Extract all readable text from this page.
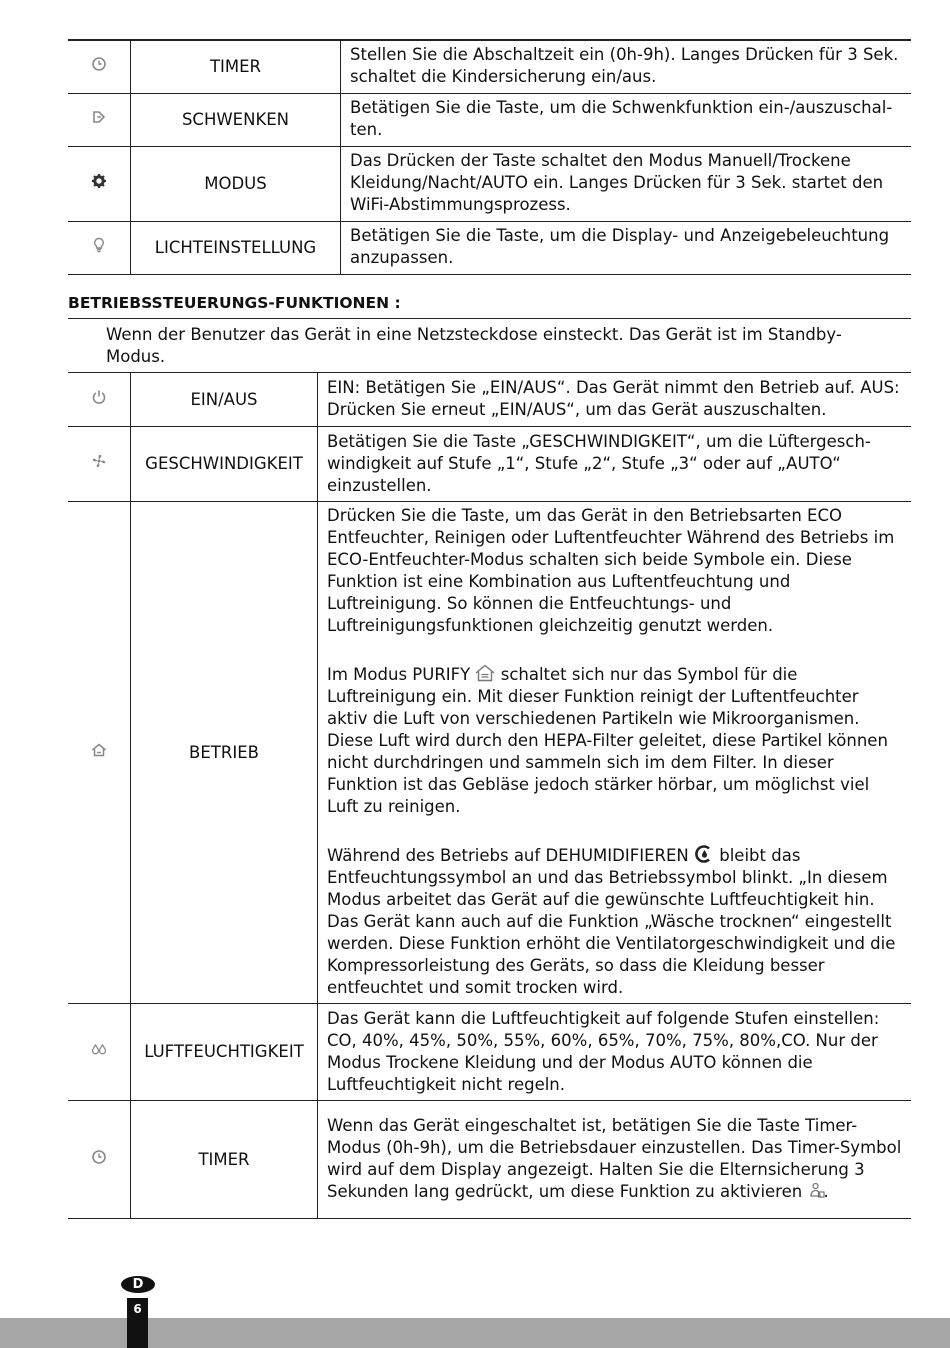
	TIMER	Stellen Sie die Abschaltzeit ein (0h-9h). Langes Drücken für 3 Sek. schaltet die Kindersicherung ein/aus.

	SCHWENKEN	Betätigen Sie die Taste, um die Schwenkfunktion ein-/auszuschal-ten.

	MODUS	Das Drücken der Taste schaltet den Modus Manuell/Trockene Kleidung/Nacht/AUTO ein. Langes Drücken für 3 Sek. startet den WiFi-Abstimmungsprozess.

	LICHTEINSTELLUNG	Betätigen Sie die Taste, um die Display- und Anzeigebeleuchtung anzupassen.
BETRIEBSSTEUERUNGS-FUNKTIONEN :
Wenn der Benutzer das Gerät in eine Netzsteckdose einsteckt. Das Gerät ist im Standby-Modus.
	EIN/AUS	EIN: Betätigen Sie „EIN/AUS“. Das Gerät nimmt den Betrieb auf. AUS: Drücken Sie erneut „EIN/AUS“, um das Gerät auszuschalten.

	GESCHWINDIGKEIT	Betätigen Sie die Taste „GESCHWINDIGKEIT“, um die Lüftergesch-windigkeit auf Stufe „1“, Stufe „2“, Stufe „3“ oder auf „AUTO“ einzustellen.

	BETRIEB	Drücken Sie die Taste, um das Gerät in den Betriebsarten ECO Entfeuchter, Reinigen oder Luftentfeuchter Während des Betriebs im ECO-Entfeuchter-Modus schalten sich beide Symbole ein. Diese Funktion ist eine Kombination aus Luftentfeuchtung und Luftreinigung. So können die Entfeuchtungs- und Luftreinigungsfunktionen gleichzeitig genutzt werden.
Im Modus PURIFY schaltet sich nur das Symbol für die Luftreinigung ein. Mit dieser Funktion reinigt der Luftentfeuchter aktiv die Luft von verschiedenen Partikeln wie Mikroorganismen. Diese Luft wird durch den HEPA-Filter geleitet, diese Partikel können nicht durchdringen und sammeln sich im dem Filter. In dieser Funktion ist das Gebläse jedoch stärker hörbar, um möglichst viel Luft zu reinigen.
Während des Betriebs auf DEHUMIDIFIEREN bleibt das Entfeuchtungssymbol an und das Betriebssymbol blinkt. „In diesem Modus arbeitet das Gerät auf die gewünschte Luftfeuchtigkeit hin. Das Gerät kann auch auf die Funktion „Wäsche trocknen“ eingestellt werden. Diese Funktion erhöht die Ventilatorgeschwindigkeit und die Kompressorleistung des Geräts, so dass die Kleidung besser entfeuchtet und somit trocken wird.

	LUFTFEUCHTIGKEIT	Das Gerät kann die Luftfeuchtigkeit auf folgende Stufen einstellen: CO, 40%, 45%, 50%, 55%, 60%, 65%, 70%, 75%, 80%,CO. Nur der Modus Trockene Kleidung und der Modus AUTO können die Luftfeuchtigkeit nicht regeln.

	TIMER	Wenn das Gerät eingeschaltet ist, betätigen Sie die Taste Timer-Modus (0h-9h), um die Betriebsdauer einzustellen. Das Timer-Symbol wird auf dem Display angezeigt. Halten Sie die Elternsicherung 3 Sekunden lang gedrückt, um diese Funktion zu aktivieren .
D
6
